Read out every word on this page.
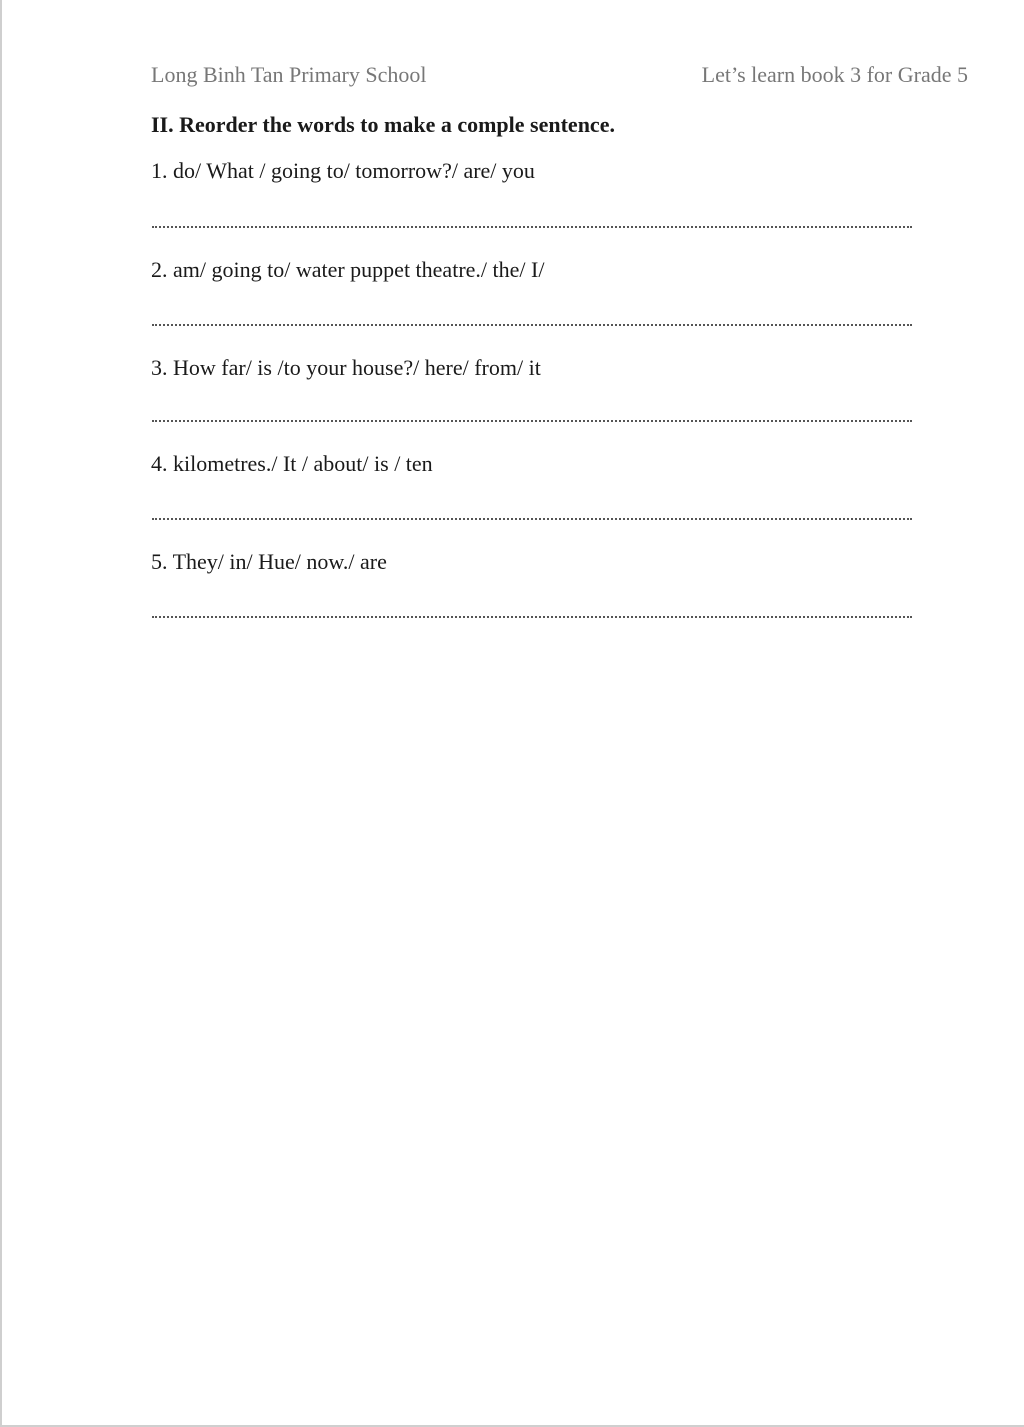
Long Binh Tan Primary School	Let’s learn book 3 for Grade 5
II. Reorder the words to make a comple sentence.
1. do/ What / going to/ tomorrow?/ are/ you
2. am/ going to/ water puppet theatre./ the/ I/
3. How far/ is /to your house?/ here/ from/ it
4. kilometres./ It / about/ is / ten
5. They/ in/ Hue/ now./ are
